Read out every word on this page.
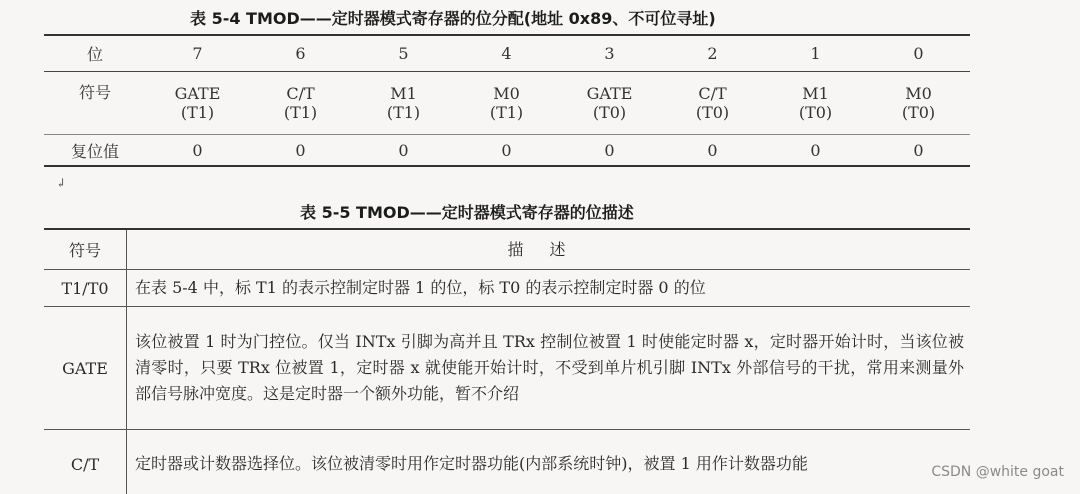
表 5-4 TMOD——定时器模式寄存器的位分配(地址 0x89、不可位寻址)
位	7	6	5	4	3	2	1	0
符号	GATE	C/T	M1	M0	GATE	C/T	M1	M0
	(T1)	(T1)	(T1)	(T1)	(T0)	(T0)	(T0)	(T0)
复位值	0	0	0	0	0	0	0	0
↲
表 5-5 TMOD——定时器模式寄存器的位描述
符号	描述
T1/T0	在表 5-4 中，标 T1 的表示控制定时器 1 的位，标 T0 的表示控制定时器 0 的位
GATE	该位被置 1 时为门控位。仅当 INTx 引脚为高并且 TRx 控制位被置 1 时使能定时器 x，定时器开始计时，当该位被清零时，只要 TRx 位被置 1，定时器 x 就使能开始计时，不受到单片机引脚 INTx 外部信号的干扰，常用来测量外部信号脉冲宽度。这是定时器一个额外功能，暂不介绍
C/T	定时器或计数器选择位。该位被清零时用作定时器功能(内部系统时钟)，被置 1 用作计数器功能	CSDN @white goat
